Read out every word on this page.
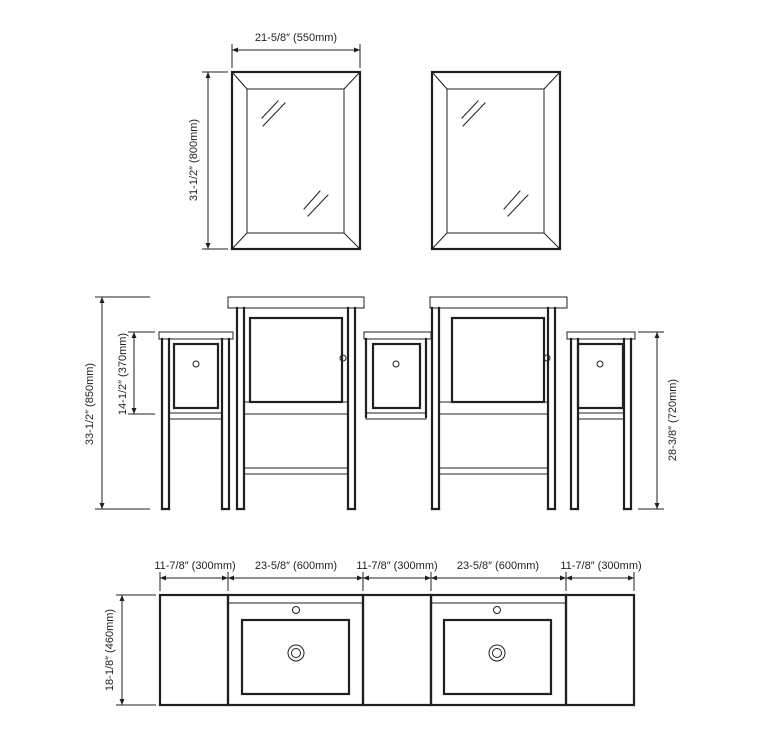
21-5/8″ (550mm)
31-1/2″ (800mm)
33-1/2″ (850mm) 14-1/2″ (370mm)
28-3/8″ (720mm)
11-7/8″ (300mm) 23-5/8″ (600mm) 11-7/8″ (300mm) 23-5/8″ (600mm) 11-7/8″ (300mm)
18-1/8″ (460mm)
